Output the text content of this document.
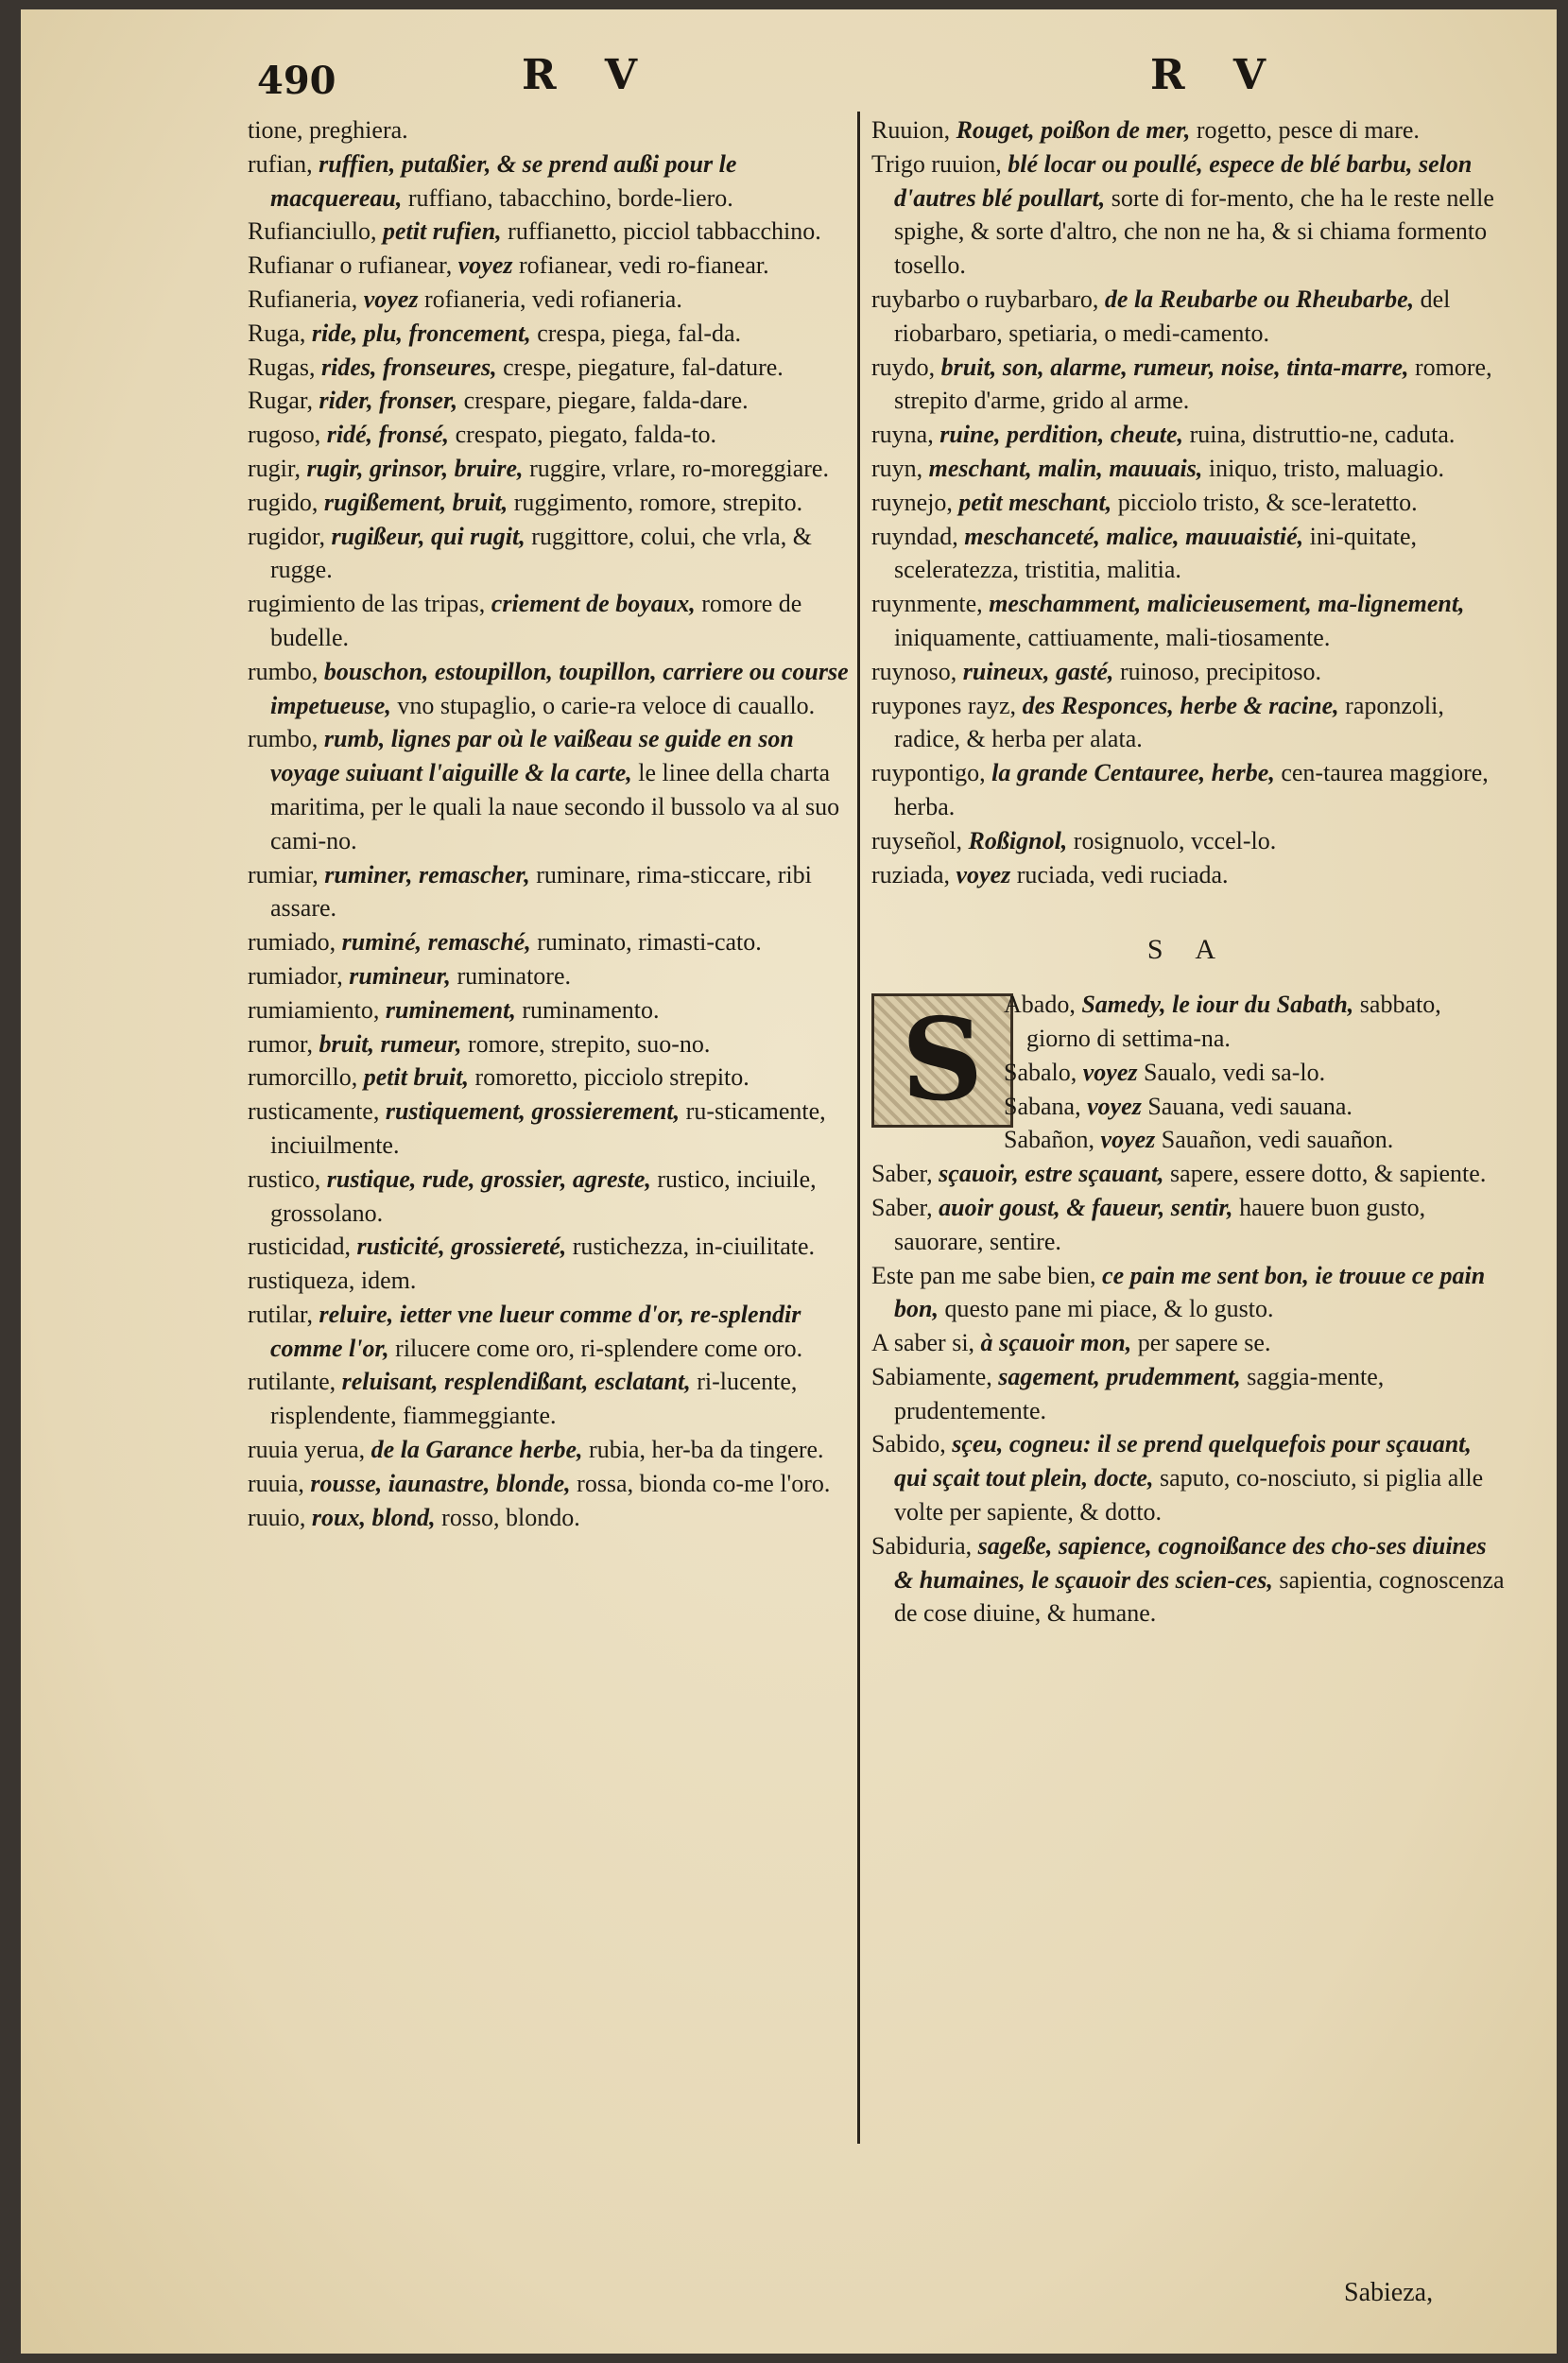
490	R V	R V
tione, preghiera.
rufian, ruffien, putaßier, & se prend außi pour le macquereau, ruffiano, tabacchino, borde-liero.
Rufianciullo, petit rufien, ruffianetto, picciol tabbacchino.
Rufianar o rufianear, voyez rofianear, vedi ro-fianear.
Rufianeria, voyez rofianeria, vedi rofianeria.
Ruga, ride, plu, froncement, crespa, piega, fal-da.
Rugas, rides, fronseures, crespe, piegature, fal-dature.
Rugar, rider, fronser, crespare, piegare, falda-dare.
rugoso, ridé, fronsé, crespato, piegato, falda-to.
rugir, rugir, grinsor, bruire, ruggire, vrlare, ro-moreggiare.
rugido, rugißement, bruit, ruggimento, romore, strepito.
rugidor, rugißeur, qui rugit, ruggittore, colui, che vrla, & rugge.
rugimiento de las tripas, criement de boyaux, romore de budelle.
rumbo, bouschon, estoupillon, toupillon, carriere ou course impetueuse, vno stupaglio, o carie-ra veloce di cauallo.
rumbo, rumb, lignes par où le vaißeau se guide en son voyage suiuant l'aiguille & la carte, le linee della charta maritima, per le quali la naue secondo il bussolo va al suo cami-no.
rumiar, ruminer, remascher, ruminare, rima-sticcare, ribi assare.
rumiado, ruminé, remasché, ruminato, rimasti-cato.
rumiador, rumineur, ruminatore.
rumiamiento, ruminement, ruminamento.
rumor, bruit, rumeur, romore, strepito, suo-no.
rumorcillo, petit bruit, romoretto, picciolo strepito.
rusticamente, rustiquement, grossierement, ru-sticamente, inciuilmente.
rustico, rustique, rude, grossier, agreste, rustico, inciuile, grossolano.
rusticidad, rusticité, grossiereté, rustichezza, in-ciuilitate.
rustiqueza, idem.
rutilar, reluire, ietter vne lueur comme d'or, re-splendir comme l'or, rilucere come oro, ri-splendere come oro.
rutilante, reluisant, resplendißant, esclatant, ri-lucente, risplendente, fiammeggiante.
ruuia yerua, de la Garance herbe, rubia, her-ba da tingere.
ruuia, rousse, iaunastre, blonde, rossa, bionda co-me l'oro.
ruuio, roux, blond, rosso, blondo.
Ruuion, Rouget, poißon de mer, rogetto, pesce di mare.
Trigo ruuion, blé locar ou poullé, espece de blé barbu, selon d'autres blé poullart, sorte di for-mento, che ha le reste nelle spighe, & sorte d'altro, che non ne ha, & si chiama formento tosello.
ruybarbo o ruybarbaro, de la Reubarbe ou Rheubarbe, del riobarbaro, spetiaria, o medi-camento.
ruydo, bruit, son, alarme, rumeur, noise, tinta-marre, romore, strepito d'arme, grido al arme.
ruyna, ruine, perdition, cheute, ruina, distruttio-ne, caduta.
ruyn, meschant, malin, mauuais, iniquo, tristo, maluagio.
ruynejo, petit meschant, picciolo tristo, & sce-leratetto.
ruyndad, meschanceté, malice, mauuaistié, ini-quitate, sceleratezza, tristitia, malitia.
ruynmente, meschamment, malicieusement, ma-lignement, iniquamente, cattiuamente, mali-tiosamente.
ruynoso, ruineux, gasté, ruinoso, precipitoso.
ruypones rayz, des Responces, herbe & racine, raponzoli, radice, & herba per alata.
ruypontigo, la grande Centauree, herbe, cen-taurea maggiore, herba.
ruyseñol, Roßignol, rosignuolo, vccel-lo.
ruziada, voyez ruciada, vedi ruciada.
S A
S Abado, Samedy, le iour du Sabath, sabbato, giorno di settima-na.
Sabalo, voyez Saualo, vedi sa-lo.
Sabana, voyez Sauana, vedi sauana.
Sabañon, voyez Sauañon, vedi sauañon.
Saber, sçauoir, estre sçauant, sapere, essere dotto, & sapiente.
Saber, auoir goust, & faueur, sentir, hauere buon gusto, sauorare, sentire.
Este pan me sabe bien, ce pain me sent bon, ie trouue ce pain bon, questo pane mi piace, & lo gusto.
A saber si, à sçauoir mon, per sapere se.
Sabiamente, sagement, prudemment, saggia-mente, prudentemente.
Sabido, sçeu, cogneu: il se prend quelquefois pour sçauant, qui sçait tout plein, docte, saputo, co-nosciuto, si piglia alle volte per sapiente, & dotto.
Sabiduria, sageße, sapience, cognoißance des cho-ses diuines & humaines, le sçauoir des scien-ces, sapientia, cognoscenza de cose diuine, & humane.
Sabieza,
